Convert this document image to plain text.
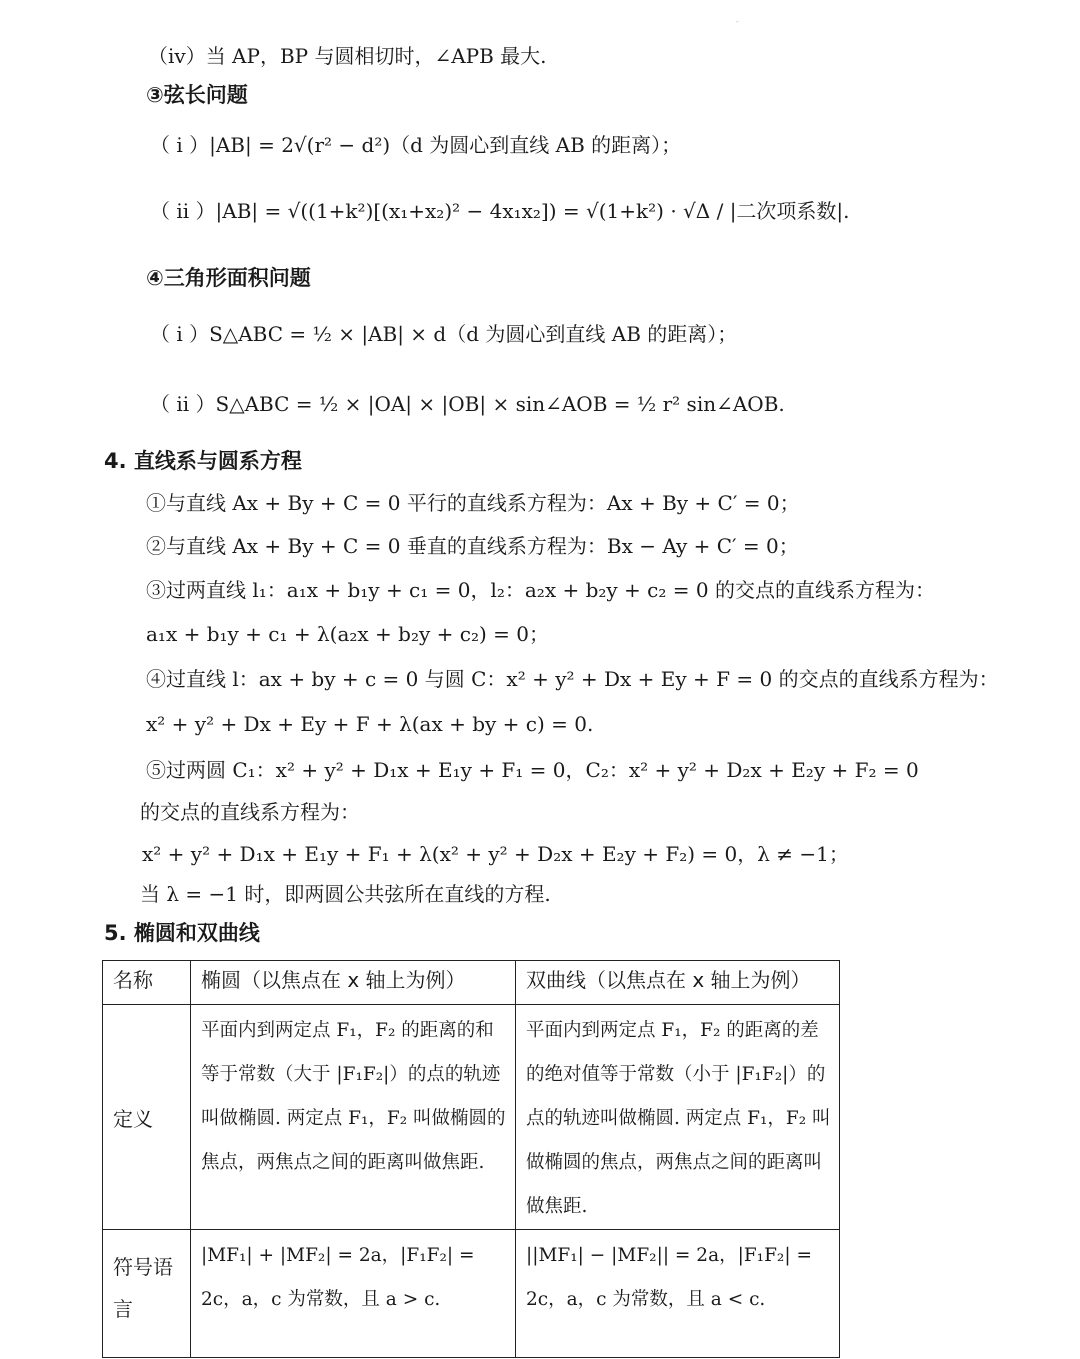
-
（iv）当 AP，BP 与圆相切时，∠APB 最大.
③弦长问题
（ i ）|AB| = 2√(r² − d²)（d 为圆心到直线 AB 的距离）；
（ ii ）|AB| = √((1+k²)[(x₁+x₂)² − 4x₁x₂]) = √(1+k²) · √Δ / |二次项系数|.
④三角形面积问题
（ i ）S△ABC = ½ × |AB| × d（d 为圆心到直线 AB 的距离）；
（ ii ）S△ABC = ½ × |OA| × |OB| × sin∠AOB = ½ r² sin∠AOB.
4. 直线系与圆系方程
①与直线 Ax + By + C = 0 平行的直线系方程为：Ax + By + C′ = 0；
②与直线 Ax + By + C = 0 垂直的直线系方程为：Bx − Ay + C′ = 0；
③过两直线 l₁：a₁x + b₁y + c₁ = 0，l₂：a₂x + b₂y + c₂ = 0 的交点的直线系方程为：
a₁x + b₁y + c₁ + λ(a₂x + b₂y + c₂) = 0；
④过直线 l：ax + by + c = 0 与圆 C：x² + y² + Dx + Ey + F = 0 的交点的直线系方程为：
x² + y² + Dx + Ey + F + λ(ax + by + c) = 0.
⑤过两圆 C₁：x² + y² + D₁x + E₁y + F₁ = 0，C₂：x² + y² + D₂x + E₂y + F₂ = 0
的交点的直线系方程为：
x² + y² + D₁x + E₁y + F₁ + λ(x² + y² + D₂x + E₂y + F₂) = 0，λ ≠ −1；
当 λ = −1 时，即两圆公共弦所在直线的方程.
5. 椭圆和双曲线
名称	椭圆（以焦点在 x 轴上为例）	双曲线（以焦点在 x 轴上为例）
定义	平面内到两定点 F₁，F₂ 的距离的和等于常数（大于 |F₁F₂|）的点的轨迹叫做椭圆. 两定点 F₁，F₂ 叫做椭圆的焦点，两焦点之间的距离叫做焦距.	平面内到两定点 F₁，F₂ 的距离的差的绝对值等于常数（小于 |F₁F₂|）的点的轨迹叫做椭圆. 两定点 F₁，F₂ 叫做椭圆的焦点，两焦点之间的距离叫做焦距.
符号语言	|MF₁| + |MF₂| = 2a，|F₁F₂| = 2c，a，c 为常数，且 a > c.	||MF₁| − |MF₂|| = 2a，|F₁F₂| = 2c，a，c 为常数，且 a < c.
